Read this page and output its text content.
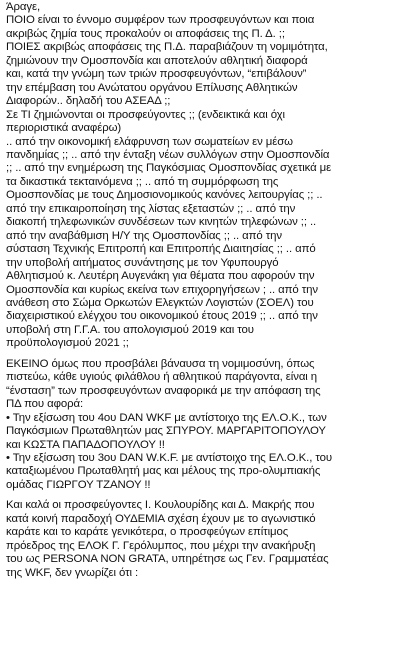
Άραγε,
ΠΟΙΟ είναι το έννομο συμφέρον των προσφευγόντων και ποια
ακριβώς ζημία τους προκαλούν οι αποφάσεις της Π. Δ. ;;
ΠΟΙΕΣ ακριβώς αποφάσεις της Π.Δ. παραβιάζουν τη νομιμότητα,
ζημιώνουν την Ομοσπονδία και αποτελούν αθλητική διαφορά
και, κατά την γνώμη των τριών προσφευγόντων, “επιβάλουν”
την επέμβαση του Ανώτατου οργάνου Επίλυσης Αθλητικών
Διαφορών.. δηλαδή του ΑΣΕΑΔ ;;
Σε ΤΙ ζημιώνονται οι προσφεύγοντες ;; (ενδεικτικά και όχι
περιοριστικά αναφέρω)
.. από την οικονομική ελάφρυνση των σωματείων εν μέσω
πανδημίας ;; .. από την ένταξη νέων συλλόγων στην Ομοσπονδία
;; .. από την ενημέρωση της Παγκόσμιας Ομοσπονδίας σχετικά με
τα δικαστικά τεκταινόμενα ;; .. από τη συμμόρφωση της
Ομοσπονδίας με τους Δημοσιονομικούς κανόνες λειτουργίας ;; ..
από την επικαιροποίηση της λίστας εξεταστών ;; .. από την
διακοπή τηλεφωνικών συνδέσεων των κινητών τηλεφώνων ;; ..
από την αναβάθμιση Η/Υ της Ομοσπονδίας ;; .. από την
σύσταση Τεχνικής Επιτροπή και Επιτροπής Διαιτησίας ;; .. από
την υποβολή αιτήματος συνάντησης με τον Υφυπουργό
Αθλητισμού κ. Λευτέρη Αυγενάκη για θέματα που αφορούν την
Ομοσπονδία και κυρίως εκείνα των επιχορηγήσεων ; .. από την
ανάθεση στο Σώμα Ορκωτών Ελεγκτών Λογιστών (ΣΟΕΛ) του
διαχειριστικού ελέγχου του οικονομικού έτους 2019 ;; .. από την
υποβολή στη Γ.Γ.Α. του απολογισμού 2019 και του
προϋπολογισμού 2021 ;;

ΕΚΕΙΝΟ όμως που προσβάλει βάναυσα τη νομιμοσύνη, όπως
πιστεύω, κάθε υγιούς φιλάθλου ή αθλητικού παράγοντα, είναι η
“ένσταση” των προσφευγόντων αναφορικά με την απόφαση της
ΠΔ που αφορά:
• Την εξίσωση του 4ου DAN WKF με αντίστοιχο της ΕΛ.Ο.Κ., των
Παγκόσμιων Πρωταθλητών μας ΣΠΥΡΟΥ. ΜΑΡΓΑΡΙΤΟΠΟΥΛΟΥ
και ΚΩΣΤΑ ΠΑΠΑΔΟΠΟΥΛΟΥ !!
• Την εξίσωση του 3ου DAN W.K.F. με αντίστοιχο της ΕΛ.Ο.Κ., του
καταξιωμένου Πρωταθλητή μας και μέλους της προ-ολυμπιακής
ομάδας ΓΙΩΡΓΟΥ ΤΖΑΝΟΥ !!

Και καλά οι προσφεύγοντες Ι. Κουλουρίδης και Δ. Μακρής που
κατά κοινή παραδοχή ΟΥΔΕΜΙΑ σχέση έχουν με το αγωνιστικό
καράτε και το καράτε γενικότερα, ο προσφεύγων επίτιμος
πρόεδρος της ΕΛΟΚ Γ. Γερόλυμπος, που μέχρι την ανακήρυξη
του ως PERSONA NON GRATA, υπηρέτησε ως Γεν. Γραμματέας
της WKF, δεν γνωρίζει ότι :
